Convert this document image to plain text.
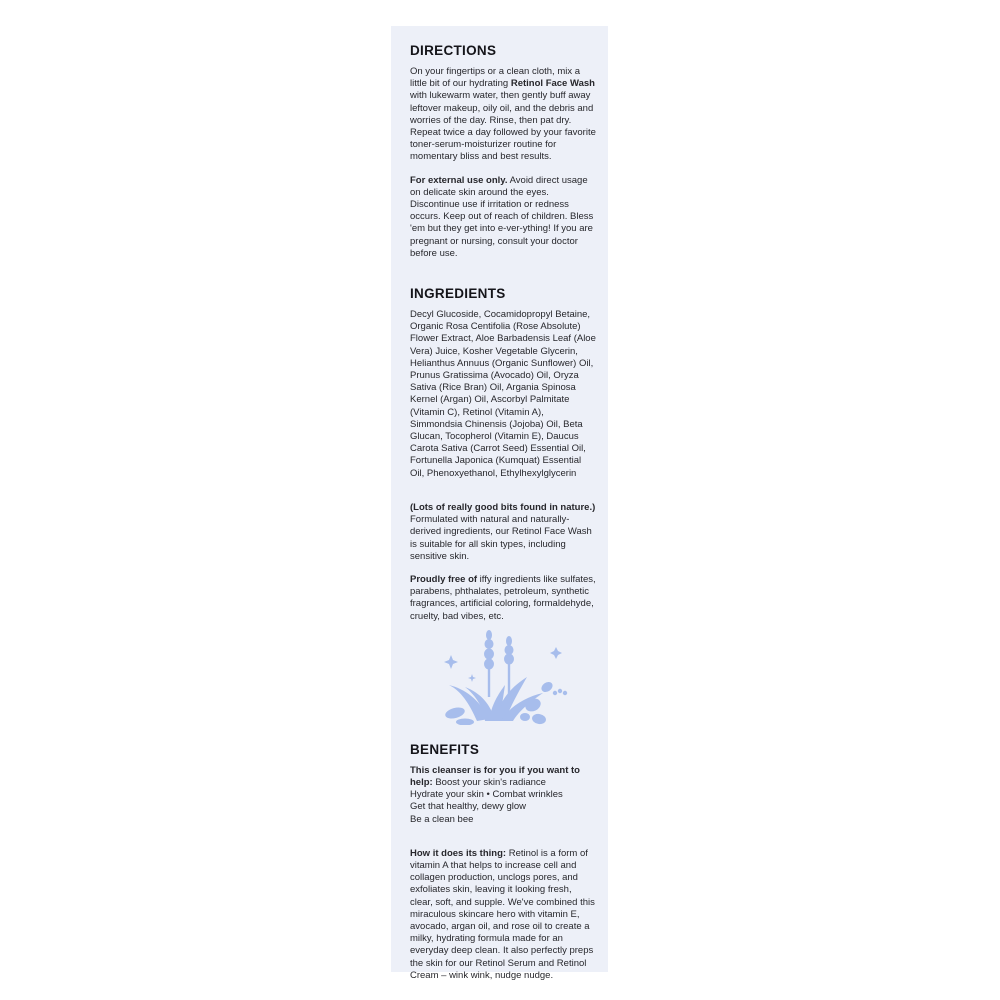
DIRECTIONS

On your fingertips or a clean cloth, mix a little bit of our hydrating Retinol Face Wash with lukewarm water, then gently buff away leftover makeup, oily oil, and the debris and worries of the day. Rinse, then pat dry. Repeat twice a day followed by your favorite toner-serum-moisturizer routine for momentary bliss and best results.

For external use only. Avoid direct usage on delicate skin around the eyes. Discontinue use if irritation or redness occurs. Keep out of reach of children. Bless 'em but they get into e-ver-ything! If you are pregnant or nursing, consult your doctor before use.

INGREDIENTS

Decyl Glucoside, Cocamidopropyl Betaine, Organic Rosa Centifolia (Rose Absolute) Flower Extract, Aloe Barbadensis Leaf (Aloe Vera) Juice, Kosher Vegetable Glycerin, Helianthus Annuus (Organic Sunflower) Oil, Prunus Gratissima (Avocado) Oil, Oryza Sativa (Rice Bran) Oil, Argania Spinosa Kernel (Argan) Oil, Ascorbyl Palmitate (Vitamin C), Retinol (Vitamin A), Simmondsia Chinensis (Jojoba) Oil, Beta Glucan, Tocopherol (Vitamin E), Daucus Carota Sativa (Carrot Seed) Essential Oil, Fortunella Japonica (Kumquat) Essential Oil, Phenoxyethanol, Ethylhexylglycerin

(Lots of really good bits found in nature.) Formulated with natural and naturally-derived ingredients, our Retinol Face Wash is suitable for all skin types, including sensitive skin.

Proudly free of iffy ingredients like sulfates, parabens, phthalates, petroleum, synthetic fragrances, artificial coloring, formaldehyde, cruelty, bad vibes, etc.

BENEFITS

This cleanser is for you if you want to help: Boost your skin's radiance
Hydrate your skin • Combat wrinkles
Get that healthy, dewy glow
Be a clean bee

How it does its thing: Retinol is a form of vitamin A that helps to increase cell and collagen production, unclogs pores, and exfoliates skin, leaving it looking fresh, clear, soft, and supple. We've combined this miraculous skincare hero with vitamin E, avocado, argan oil, and rose oil to create a milky, hydrating formula made for an everyday deep clean. It also perfectly preps the skin for our Retinol Serum and Retinol Cream – wink wink, nudge nudge.
